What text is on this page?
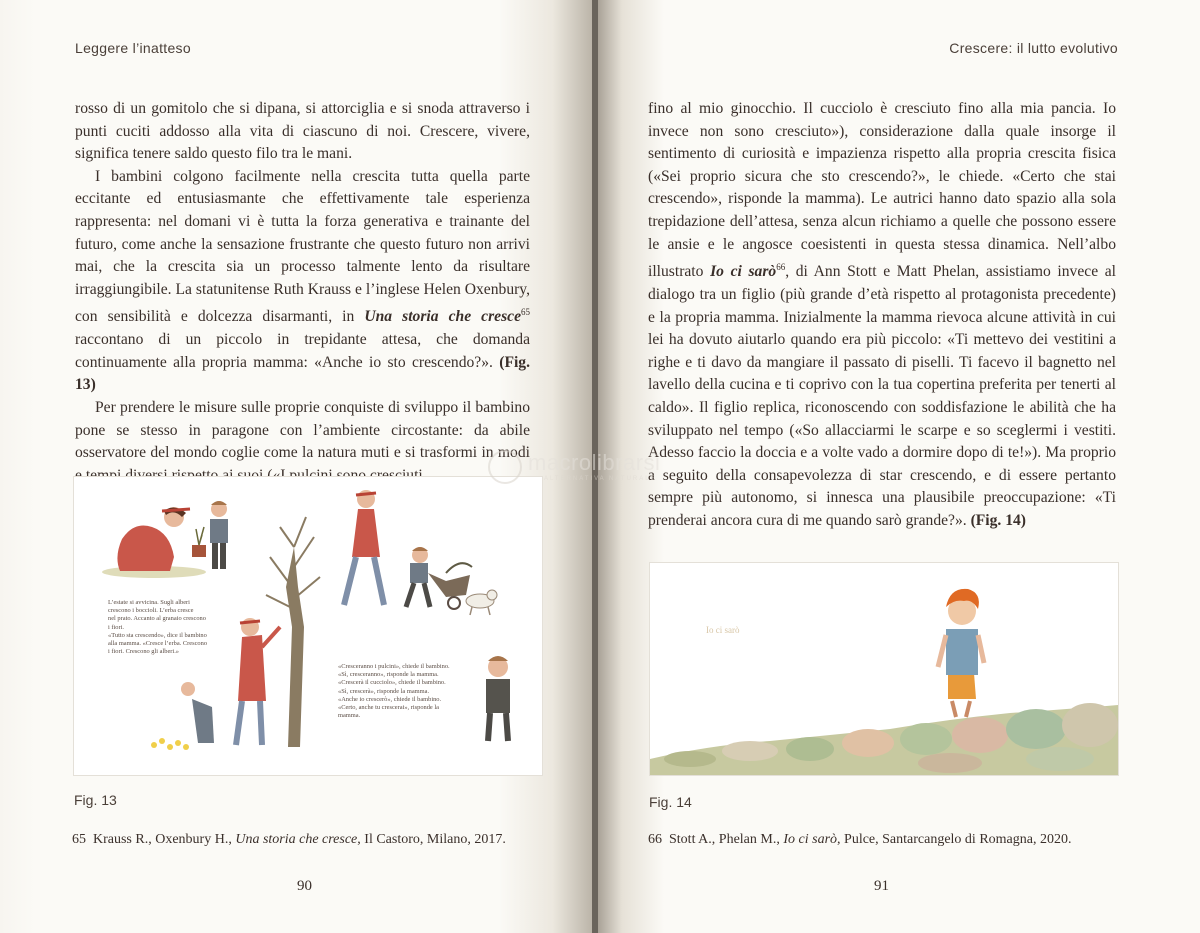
Leggere l’inatteso

rosso di un gomitolo che si dipana, si attorciglia e si snoda attraverso i punti cuciti addosso alla vita di ciascuno di noi. Crescere, vivere, significa tenere saldo questo filo tra le mani.

I bambini colgono facilmente nella crescita tutta quella parte eccitante ed entusiasmante che effettivamente tale esperienza rappresenta: nel domani vi è tutta la forza generativa e trainante del futuro, come anche la sensazione frustrante che questo futuro non arrivi mai, che la crescita sia un processo talmente lento da risultare irraggiungibile. La statunitense Ruth Krauss e l’inglese Helen Oxenbury, con sensibilità e dolcezza disarmanti, in Una storia che cresce$^{65}$ raccontano di un piccolo in trepidante attesa, che domanda continuamente alla propria mamma: «Anche io sto crescendo?». (Fig. 13)

Per prendere le misure sulle proprie conquiste di sviluppo il bambino pone se stesso in paragone con l’ambiente circostante: da abile osservatore del mondo coglie come la natura muti e si trasformi in modi

L’estate si avvicina. Sugli alberi

crescono i boccioli. L’erba cresce

nel prato. Accanto al granaio crescono

i fiori.

«Tutto sta crescendo», dice il bambino

alla mamma. «Cresce l’erba. Crescono

i fiori. Crescono gli alberi.»

«Cresceranno i pulcini», chiede il bambino.

«Sì, cresceranno», risponde la mamma.

«Crescerà il cucciolo», chiede il bambino.

«Sì, crescerà», risponde la mamma.

«Anche io crescerò», chiede il bambino.

«Certo, anche tu crescerai», risponde la

mamma.

Fig. 13
65 Krauss R., Oxenbury H., Una storia che cresce, Il Castoro, Milano, 2017.
90
Crescere: il lutto evolutivo

fino al mio ginocchio. Il cucciolo è cresciuto fino alla mia pancia. Io invece non sono cresciuto»), considerazione dalla quale insorge il sentimento di curiosità e impazienza rispetto alla propria crescita fisica («Sei proprio sicura che sto crescendo?», le chiede. «Certo che stai crescendo», risponde la mamma). Le autrici hanno dato spazio alla sola trepidazione dell’attesa, senza alcun richiamo a quelle che possono essere le ansie e le angosce coesistenti in questa stessa dinamica. Nell’albo illustrato Io ci sarò$^{66}$, di Ann Stott e Matt Phelan, assistiamo invece al dialogo tra un figlio (più grande d’età rispetto al protagonista precedente) e la propria mamma. Inizialmente la mamma rievoca alcune attività in cui lei ha dovuto aiutarlo quando era più piccolo: «Ti mettevo dei vestitini a righe e ti davo da mangiare il passato di piselli. Ti facevo il bagnetto nel lavello della cucina e ti coprivo con la tua copertina preferita per tenerti al caldo». Il figlio replica, riconoscendo con soddisfazione le abilità che ha sviluppato nel tempo («So allacciarmi le scarpe e so sceglermi i vestiti. Adesso faccio la doccia e a volte vado a dormire dopo di te!»). Ma proprio a seguito della consapevolezza di star crescendo, e di essere pertanto sempre più autonomo, si innesca una plausibile preoccupazione: «Ti prenderai ancora cura di me quando sarò grande?». (Fig. 14)

Io ci sarò
Fig. 14
66 Stott A., Phelan M., Io ci sarò, Pulce, Santarcangelo di Romagna, 2020.
91
macrolibrarsi
ALTERNATIVA NATURALE
